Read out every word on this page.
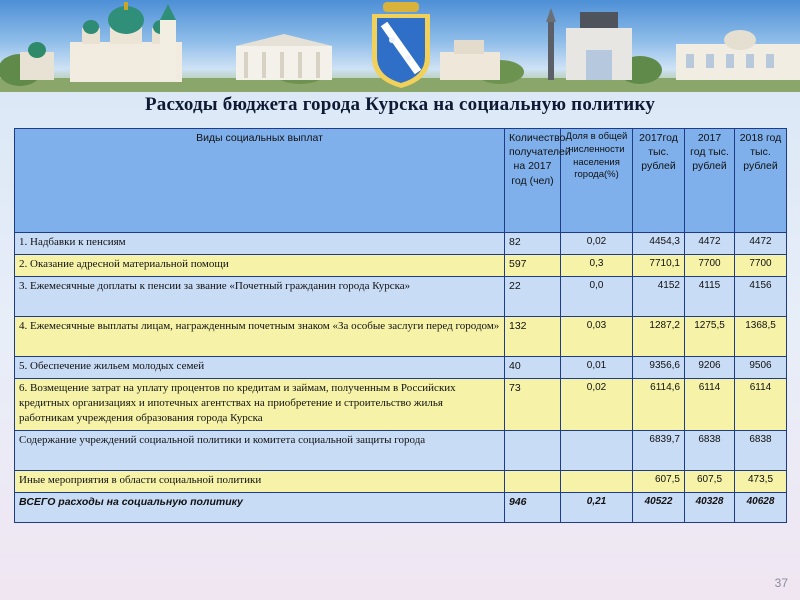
Расходы бюджета города Курска на социальную политику
Виды социальных выплат	Количество получателей на 2017 год (чел)	Доля в общей численности населения города(%)	2017год тыс. рублей	2017 год тыс. рублей	2018 год тыс. рублей
1. Надбавки к пенсиям	82	0,02	4454,3	4472	4472
2. Оказание адресной материальной помощи	597	0,3	7710,1	7700	7700
3. Ежемесячные доплаты к пенсии за звание «Почетный гражданин города Курска»	22	0,0	4152	4115	4156
4. Ежемесячные выплаты лицам, награжденным почетным знаком «За особые заслуги перед городом»	132	0,03	1287,2	1275,5	1368,5
5. Обеспечение жильем молодых семей	40	0,01	9356,6	9206	9506
6. Возмещение затрат на уплату процентов по кредитам и займам, полученным в Российских кредитных организациях и ипотечных агентствах на приобретение и строительство жилья работникам учреждения образования города Курска	73	0,02	6114,6	6114	6114
Содержание учреждений социальной политики и комитета социальной защиты города			6839,7	6838	6838
Иные мероприятия в области социальной политики			607,5	607,5	473,5
ВСЕГО расходы на социальную политику	946	0,21	40522	40328	40628
37
